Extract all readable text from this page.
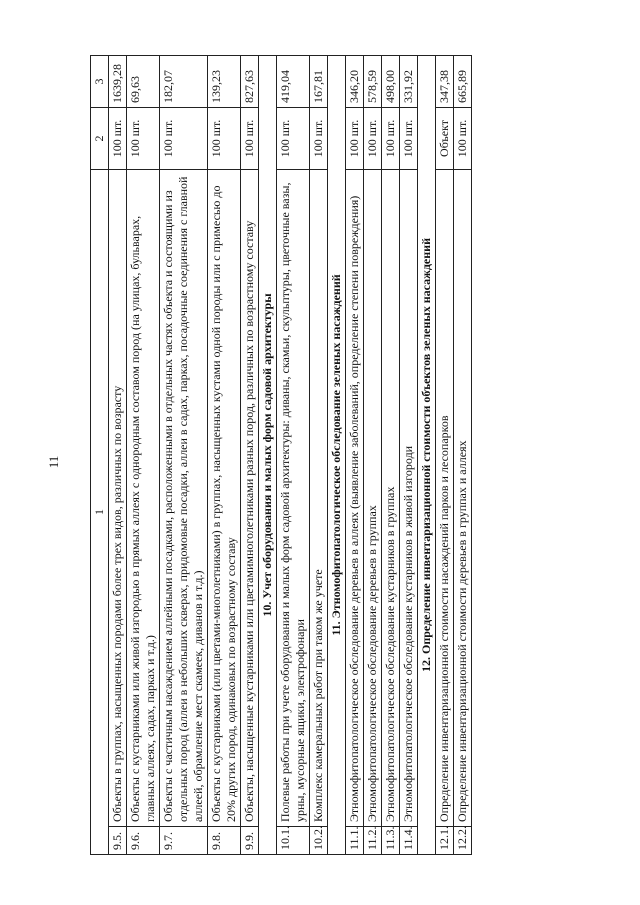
11
1		2	3
9.5.	Объекты в группах, насыщенных породами более трех видов, различных по возрасту	100 шт.	1639,28
9.6.	Объекты с кустарниками или живой изгородью в прямых аллеях с однородным составом пород (на улицах, бульварах, главных аллеях, садах, парках и т.д.)	100 шт.	69,63
9.7.	Объекты с частичным насаждением аллейными посадками, расположенными в отдельных частях объекта и состоящими из отдельных пород (аллеи в небольших скверах, придомовые посадки, аллеи в садах, парках, посадочные соединения с главной аллеей, обрамление мест скамеек, диванов и т.д.)	100 шт.	182,07
9.8.	Объекты с кустарниками (или цветами-многолетниками) в группах, насыщенных кустами одной породы или с примесью до 20% других пород, одинаковых по возрастному составу	100 шт.	139,23
9.9.	Объекты, насыщенные кустарниками или цветамимноголетниками разных пород, различных по возрастному составу	100 шт.	827,63
10. Учет оборудования и малых форм садовой архитектуры			
10.1.	Полевые работы при учете оборудования и малых форм садовой архитектуры: диваны, скамьи, скульптуры, цветочные вазы, урны, мусорные ящики, электрофонари	100 шт.	419,04
10.2.	Комплекс камеральных работ при таком же учете	100 шт.	167,81
11. Этномофитопатологическое обследование зеленых насаждений			
11.1.	Этномофитопатологическое обследование деревьев в аллеях (выявление заболеваний, определение степени повреждения)	100 шт.	346,20
11.2.	Этномофитопатологическое обследование деревьев в группах	100 шт.	578,59
11.3.	Этномофитопатологическое обследование кустарников в группах	100 шт.	498,00
11.4.	Этномофитопатологическое обследование кустарников в живой изгороди	100 шт.	331,92
12. Определение инвентаризационной стоимости объектов зеленых насаждений			
12.1.	Определение инвентаризационной стоимости насаждений парков и лесопарков	Объект	347,38
12.2.	Определение инвентаризационной стоимости деревьев в группах и аллеях	100 шт.	665,89
